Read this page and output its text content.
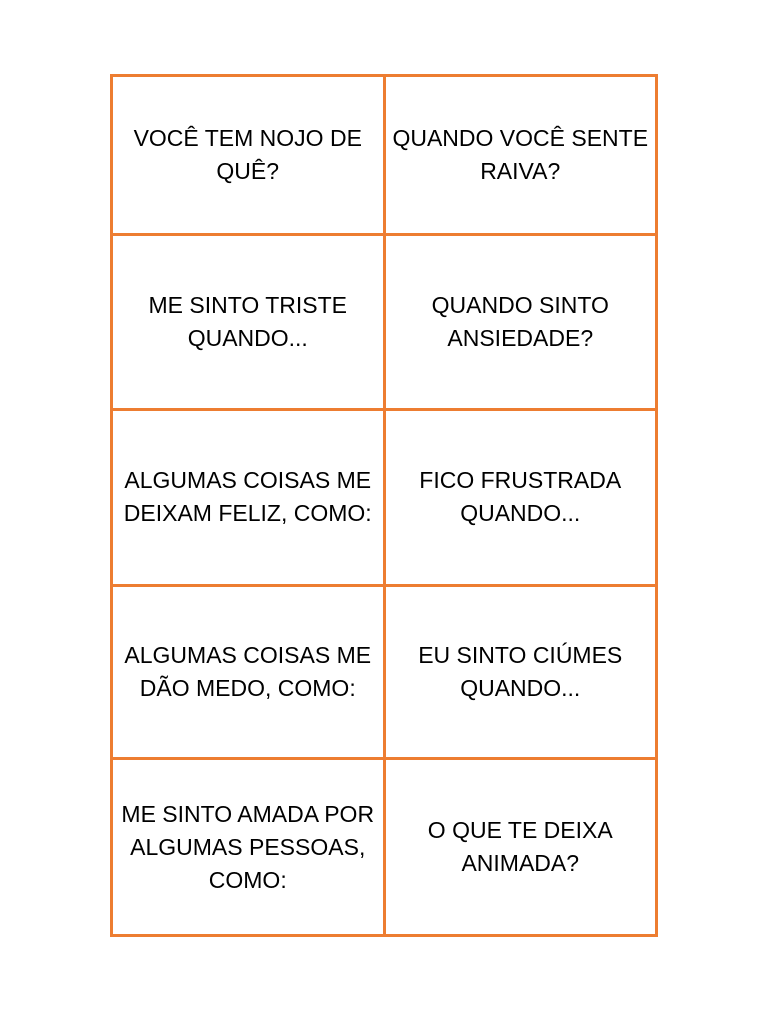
VOCÊ TEM NOJO DE QUÊ?	QUANDO VOCÊ SENTE RAIVA?
ME SINTO TRISTE QUANDO...	QUANDO SINTO ANSIEDADE?
ALGUMAS COISAS ME DEIXAM FELIZ, COMO:	FICO FRUSTRADA QUANDO...
ALGUMAS COISAS ME DÃO MEDO, COMO:	EU SINTO CIÚMES QUANDO...
ME SINTO AMADA POR ALGUMAS PESSOAS, COMO:	O QUE TE DEIXA ANIMADA?
